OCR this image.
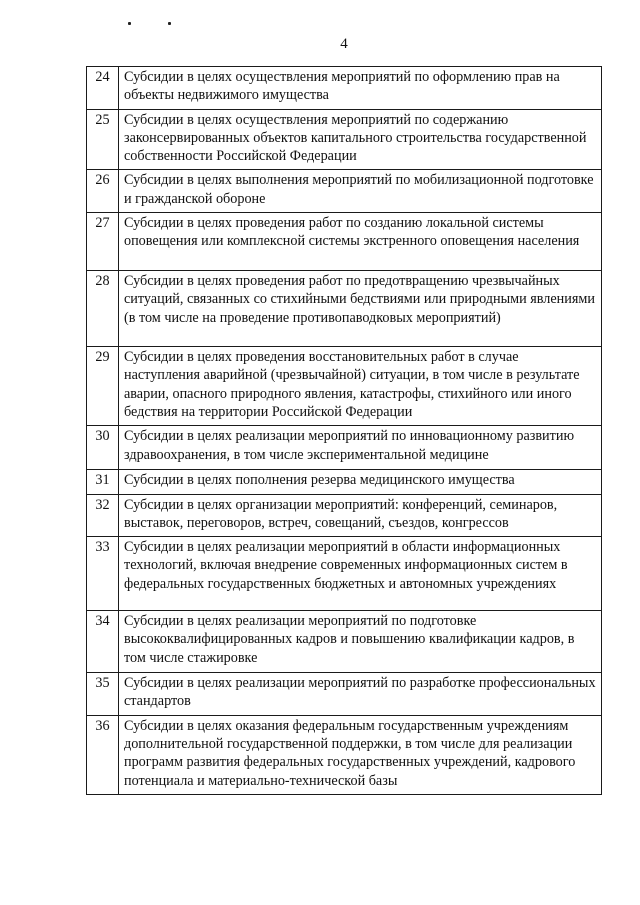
4
24	Субсидии в целях осуществления мероприятий по оформлению прав на объекты недвижимого имущества
25	Субсидии в целях осуществления мероприятий по содержанию законсервированных объектов капитального строительства государственной собственности Российской Федерации
26	Субсидии в целях выполнения мероприятий по мобилизационной подготовке и гражданской обороне
27	Субсидии в целях проведения работ по созданию локальной системы оповещения или комплексной системы экстренного оповещения населения
28	Субсидии в целях проведения работ по предотвращению чрезвычайных ситуаций, связанных со стихийными бедствиями или природными явлениями (в том числе на проведение противопаводковых мероприятий)
29	Субсидии в целях проведения восстановительных работ в случае наступления аварийной (чрезвычайной) ситуации, в том числе в результате аварии, опасного природного явления, катастрофы, стихийного или иного бедствия на территории Российской Федерации
30	Субсидии в целях реализации мероприятий по инновационному развитию здравоохранения, в том числе экспериментальной медицине
31	Субсидии в целях пополнения резерва медицинского имущества
32	Субсидии в целях организации мероприятий: конференций, семинаров, выставок, переговоров, встреч, совещаний, съездов, конгрессов
33	Субсидии в целях реализации мероприятий в области информационных технологий, включая внедрение современных информационных систем в федеральных государственных бюджетных и автономных учреждениях
34	Субсидии в целях реализации мероприятий по подготовке высококвалифицированных кадров и повышению квалификации кадров, в том числе стажировке
35	Субсидии в целях реализации мероприятий по разработке профессиональных стандартов
36	Субсидии в целях оказания федеральным государственным учреждениям дополнительной государственной поддержки, в том числе для реализации программ развития федеральных государственных учреждений, кадрового потенциала и материально-технической базы
